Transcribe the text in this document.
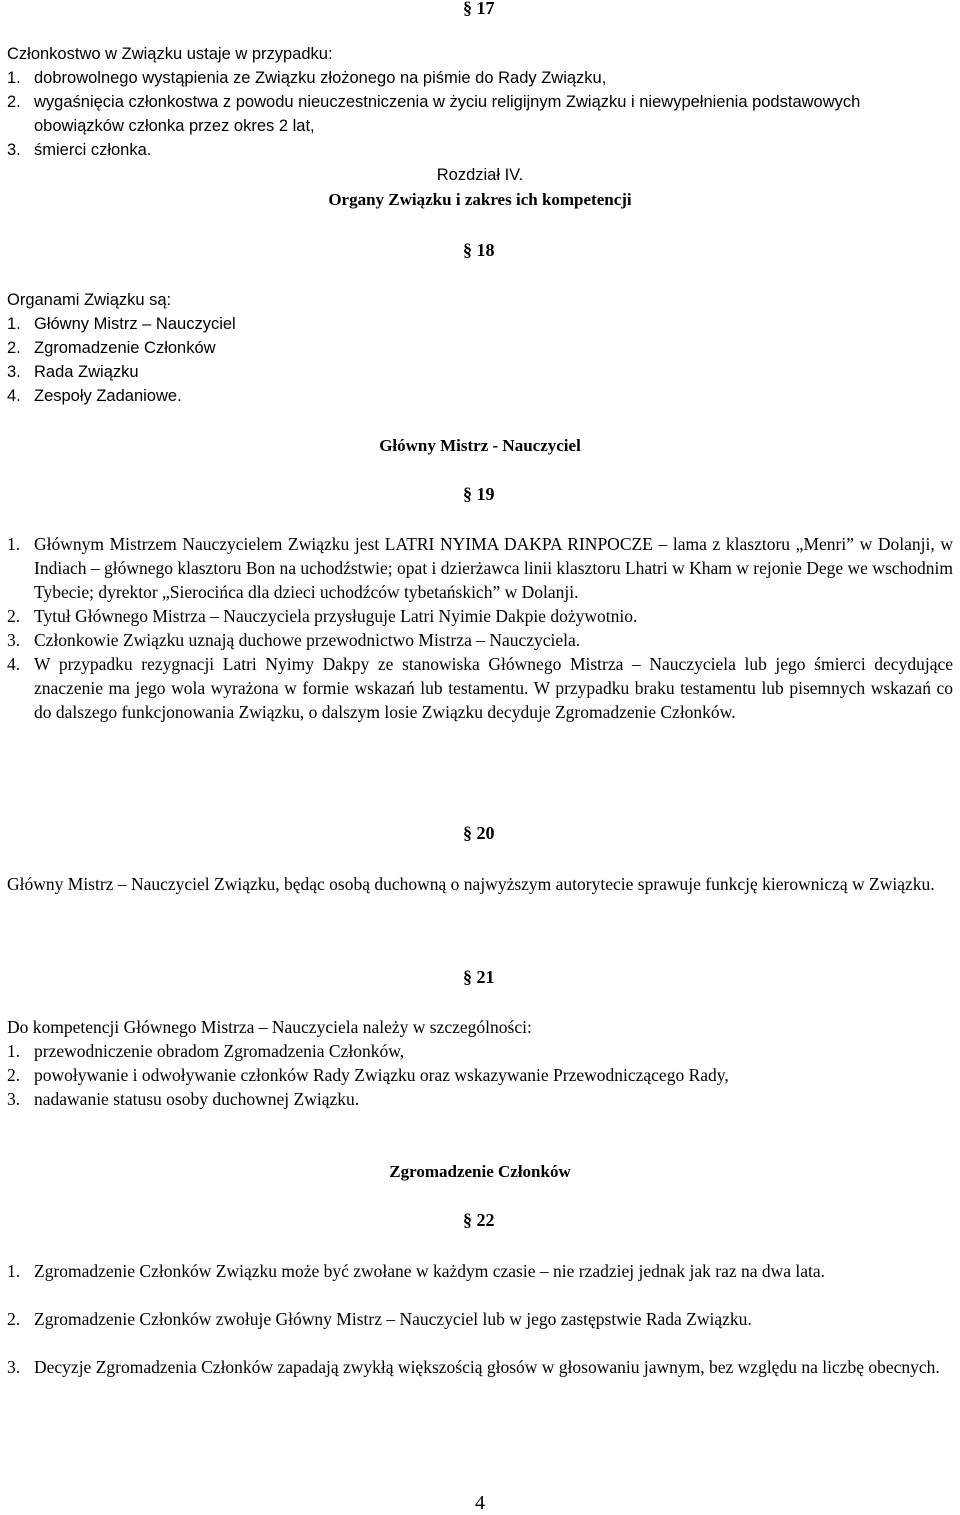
§ 17

Członkostwo w Związku ustaje w przypadku:

1. dobrowolnego wystąpienia ze Związku złożonego na piśmie do Rady Związku,
2. wygaśnięcia członkostwa z powodu nieuczestniczenia w życiu religijnym Związku i niewypełnienia podstawowych obowiązków członka przez okres 2 lat,
3. śmierci członka.
Rozdział IV.
Organy Związku i zakres ich kompetencji
§ 18

Organami Związku są:

1. Główny Mistrz – Nauczyciel
2. Zgromadzenie Członków
3. Rada Związku
4. Zespoły Zadaniowe.
Główny Mistrz - Nauczyciel
§ 19
1. Głównym Mistrzem Nauczycielem Związku jest LATRI NYIMA DAKPA RINPOCZE – lama z klasztoru „Menri” w Dolanji, w Indiach – głównego klasztoru Bon na uchodźstwie; opat i dzierżawca linii klasztoru Lhatri w Kham w rejonie Dege we wschodnim Tybecie; dyrektor „Sierocińca dla dzieci uchodźców tybetańskich” w Dolanji.
2. Tytuł Głównego Mistrza – Nauczyciela przysługuje Latri Nyimie Dakpie dożywotnio.
3. Członkowie Związku uznają duchowe przewodnictwo Mistrza – Nauczyciela.
4. W przypadku rezygnacji Latri Nyimy Dakpy ze stanowiska Głównego Mistrza – Nauczyciela lub jego śmierci decydujące znaczenie ma jego wola wyrażona w formie wskazań lub testamentu. W przypadku braku testamentu lub pisemnych wskazań co do dalszego funkcjonowania Związku, o dalszym losie Związku decyduje Zgromadzenie Członków.
§ 20

Główny Mistrz – Nauczyciel Związku, będąc osobą duchowną o najwyższym autorytecie sprawuje funkcję kierowniczą w Związku.

§ 21

Do kompetencji Głównego Mistrza – Nauczyciela należy w szczególności:

1. przewodniczenie obradom Zgromadzenia Członków,
2. powoływanie i odwoływanie członków Rady Związku oraz wskazywanie Przewodniczącego Rady,
3. nadawanie statusu osoby duchownej Związku.
Zgromadzenie Członków
§ 22
1. Zgromadzenie Członków Związku może być zwołane w każdym czasie – nie rzadziej jednak jak raz na dwa lata.
2. Zgromadzenie Członków zwołuje Główny Mistrz – Nauczyciel lub w jego zastępstwie Rada Związku.
3. Decyzje Zgromadzenia Członków zapadają zwykłą większością głosów w głosowaniu jawnym, bez względu na liczbę obecnych.
4
